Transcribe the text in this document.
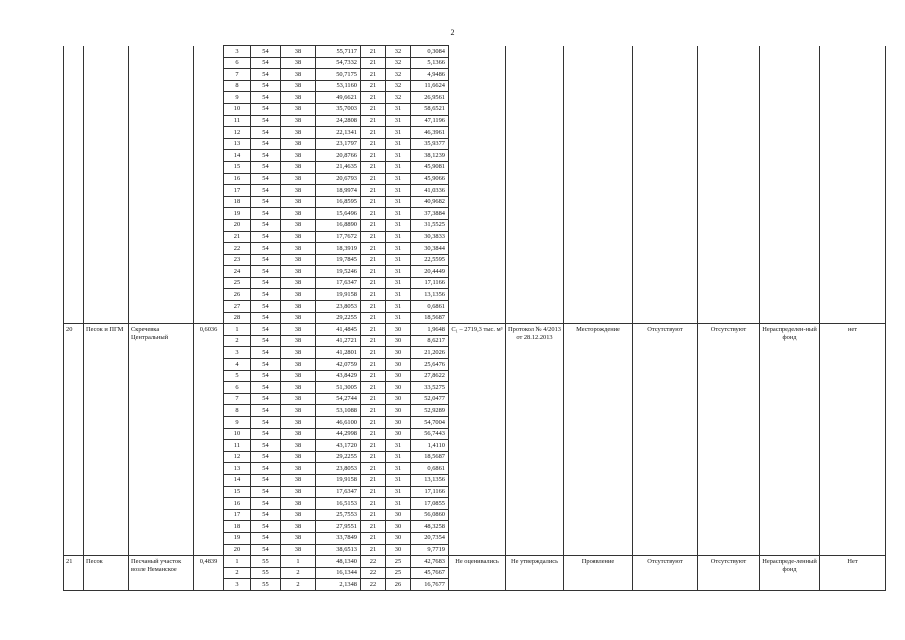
2
				3	54	38	55,7117	21	32	0,3084							
				6	54	38	54,7332	21	32	5,1366							
				7	54	38	50,7175	21	32	4,9486							
				8	54	38	53,1160	21	32	11,6624							
				9	54	38	49,6621	21	32	26,9561							
				10	54	38	35,7003	21	31	58,6521							
				11	54	38	24,2808	21	31	47,1196							
				12	54	38	22,1341	21	31	46,3961							
				13	54	38	23,1797	21	31	35,9377							
				14	54	38	20,8766	21	31	38,1239							
				15	54	38	21,4635	21	31	45,9081							
				16	54	38	20,6793	21	31	45,9066							
				17	54	38	18,9974	21	31	41,0336							
				18	54	38	16,8595	21	31	40,9682							
				19	54	38	15,6496	21	31	37,3884							
				20	54	38	16,8890	21	31	31,5525							
				21	54	38	17,7672	21	31	30,3833							
				22	54	38	18,3919	21	31	30,3844							
				23	54	38	19,7845	21	31	22,5595							
				24	54	38	19,5246	21	31	20,4449							
				25	54	38	17,6347	21	31	17,1166							
				26	54	38	19,9158	21	31	13,1356							
				27	54	38	23,8053	21	31	0,6861							
				28	54	38	29,2255	21	31	18,5687							
20	Песок и ПГМ	Скречевка Центральный	0,6036	1	54	38	41,4845	21	30	1,9648	C₁ – 2719,3 тыс. м³	Протокол № 4/2013 от 28.12.2013	Месторождение	Отсутствуют	Отсутствуют	Нераспределен-ный фонд	нет
				2	54	38	41,2721	21	30	8,6217							
				3	54	38	41,2801	21	30	21,2026							
				4	54	38	42,0759	21	30	25,6476							
				5	54	38	43,8429	21	30	27,8622							
				6	54	38	51,3005	21	30	33,5275							
				7	54	38	54,2744	21	30	52,0477							
				8	54	38	53,1088	21	30	52,9289							
				9	54	38	46,6100	21	30	54,7004							
				10	54	38	44,2998	21	30	56,7443							
				11	54	38	43,1720	21	31	1,4110							
				12	54	38	29,2255	21	31	18,5687							
				13	54	38	23,8053	21	31	0,6861							
				14	54	38	19,9158	21	31	13,1356							
				15	54	38	17,6347	21	31	17,1166							
				16	54	38	16,5153	21	31	17,0855							
				17	54	38	25,7553	21	30	56,0860							
				18	54	38	27,9551	21	30	48,3258							
				19	54	38	33,7849	21	30	20,7354							
				20	54	38	38,6513	21	30	9,7719							
21	Песок	Песчаный участок возле Неманское	0,4839	1	55	1	48,1340	22	25	42,7683	Не оценивались	Не утверждались	Проявление	Отсутствуют	Отсутствуют	Нераспреде-ленный фонд	Нет
				2	55	2	16,1344	22	25	45,7667							
				3	55	2	2,1348	22	26	16,7677							
